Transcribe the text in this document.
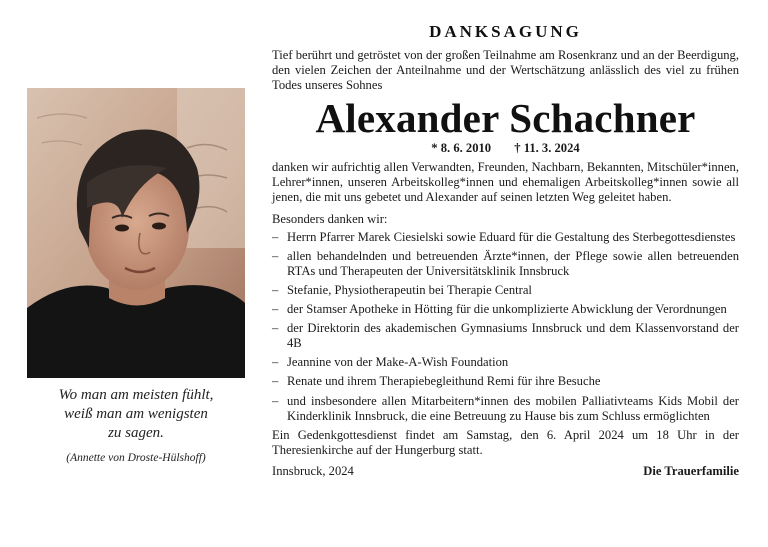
Wo man am meisten fühlt,
weiß man am wenigsten
zu sagen.
(Annette von Droste-Hülshoff)
DANKSAGUNG

Tief berührt und getröstet von der großen Teilnahme am Rosenkranz und an der Beerdigung, den vielen Zeichen der Anteilnahme und der Wertschätzung anlässlich des viel zu frühen Todes unseres Sohnes

Alexander Schachner
* 8. 6. 2010 † 11. 3. 2024

danken wir aufrichtig allen Verwandten, Freunden, Nachbarn, Bekannten, Mitschüler*innen, Lehrer*innen, unseren Arbeitskolleg*innen und ehemaligen Arbeitskolleg*innen sowie all jenen, die mit uns gebetet und Alexander auf seinen letzten Weg geleitet haben.

Besonders danken wir:

– Herrn Pfarrer Marek Ciesielski sowie Eduard für die Gestaltung des Sterbegottesdienstes
– allen behandelnden und betreuenden Ärzte*innen, der Pflege sowie allen betreuenden RTAs und Therapeuten der Universitätsklinik Innsbruck
– Stefanie, Physiotherapeutin bei Therapie Central
– der Stamser Apotheke in Hötting für die unkomplizierte Abwicklung der Verordnungen
– der Direktorin des akademischen Gymnasiums Innsbruck und dem Klassenvorstand der 4B
– Jeannine von der Make-A-Wish Foundation
– Renate und ihrem Therapiebegleithund Remi für ihre Besuche
– und insbesondere allen Mitarbeitern*innen des mobilen Palliativteams Kids Mobil der Kinderklinik Innsbruck, die eine Betreuung zu Hause bis zum Schluss ermöglichten

Ein Gedenkgottesdienst findet am Samstag, den 6. April 2024 um 18 Uhr in der Theresienkirche auf der Hungerburg statt.

Innsbruck, 2024	Die Trauerfamilie
